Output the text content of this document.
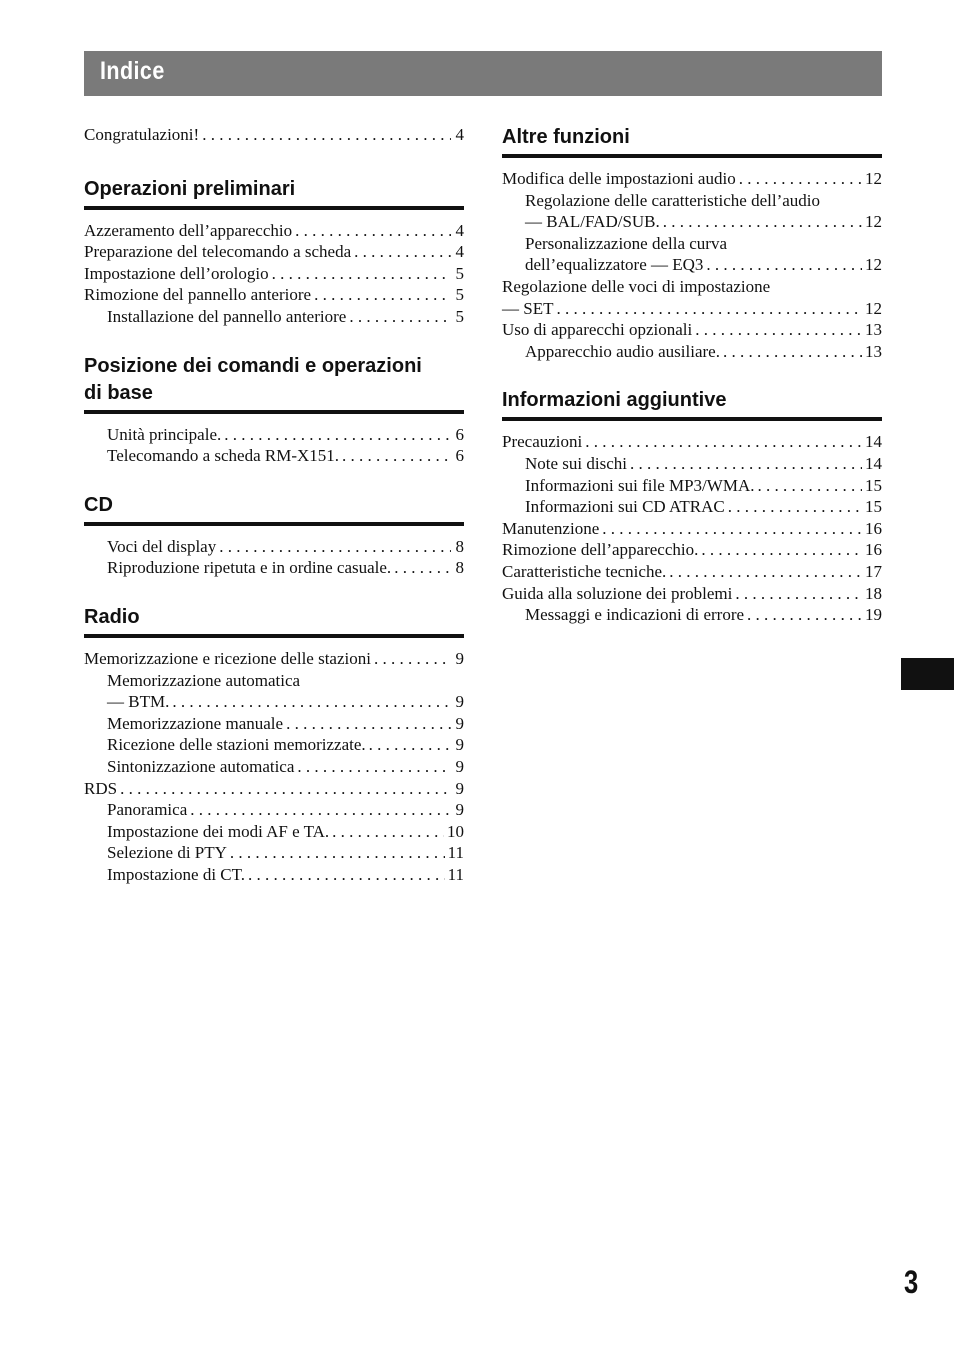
Indice
Congratulazioni! . . .	4
Operazioni preliminari
Azzeramento dell’apparecchio . . .	4
Preparazione del telecomando a scheda . . .	4
Impostazione dell’orologio . . .	5
Rimozione del pannello anteriore . . .	5
Installazione del pannello anteriore . . .	5
Posizione dei comandi e operazioni
di base
Unità principale. . . .	6
Telecomando a scheda RM-X151. . . .	6
CD
Voci del display . . .	8
Riproduzione ripetuta e in ordine casuale. . . .	8
Radio
Memorizzazione e ricezione delle stazioni . . .	9
Memorizzazione automatica
— BTM. . . .	9
Memorizzazione manuale . . .	9
Ricezione delle stazioni memorizzate. . . .	9
Sintonizzazione automatica . . .	9
RDS . . .	9
Panoramica . . .	9
Impostazione dei modi AF e TA. . . .	10
Selezione di PTY . . .	11
Impostazione di CT. . . .	11
Altre funzioni
Modifica delle impostazioni audio . . .	12
Regolazione delle caratteristiche dell’audio
— BAL/FAD/SUB. . . .	12
Personalizzazione della curva
dell’equalizzatore — EQ3 . . .	12
Regolazione delle voci di impostazione
— SET . . .	12
Uso di apparecchi opzionali . . .	13
Apparecchio audio ausiliare. . . .	13
Informazioni aggiuntive
Precauzioni . . .	14
Note sui dischi . . .	14
Informazioni sui file MP3/WMA. . . .	15
Informazioni sui CD ATRAC . . .	15
Manutenzione . . .	16
Rimozione dell’apparecchio. . . .	16
Caratteristiche tecniche. . . .	17
Guida alla soluzione dei problemi . . .	18
Messaggi e indicazioni di errore . . .	19
3
